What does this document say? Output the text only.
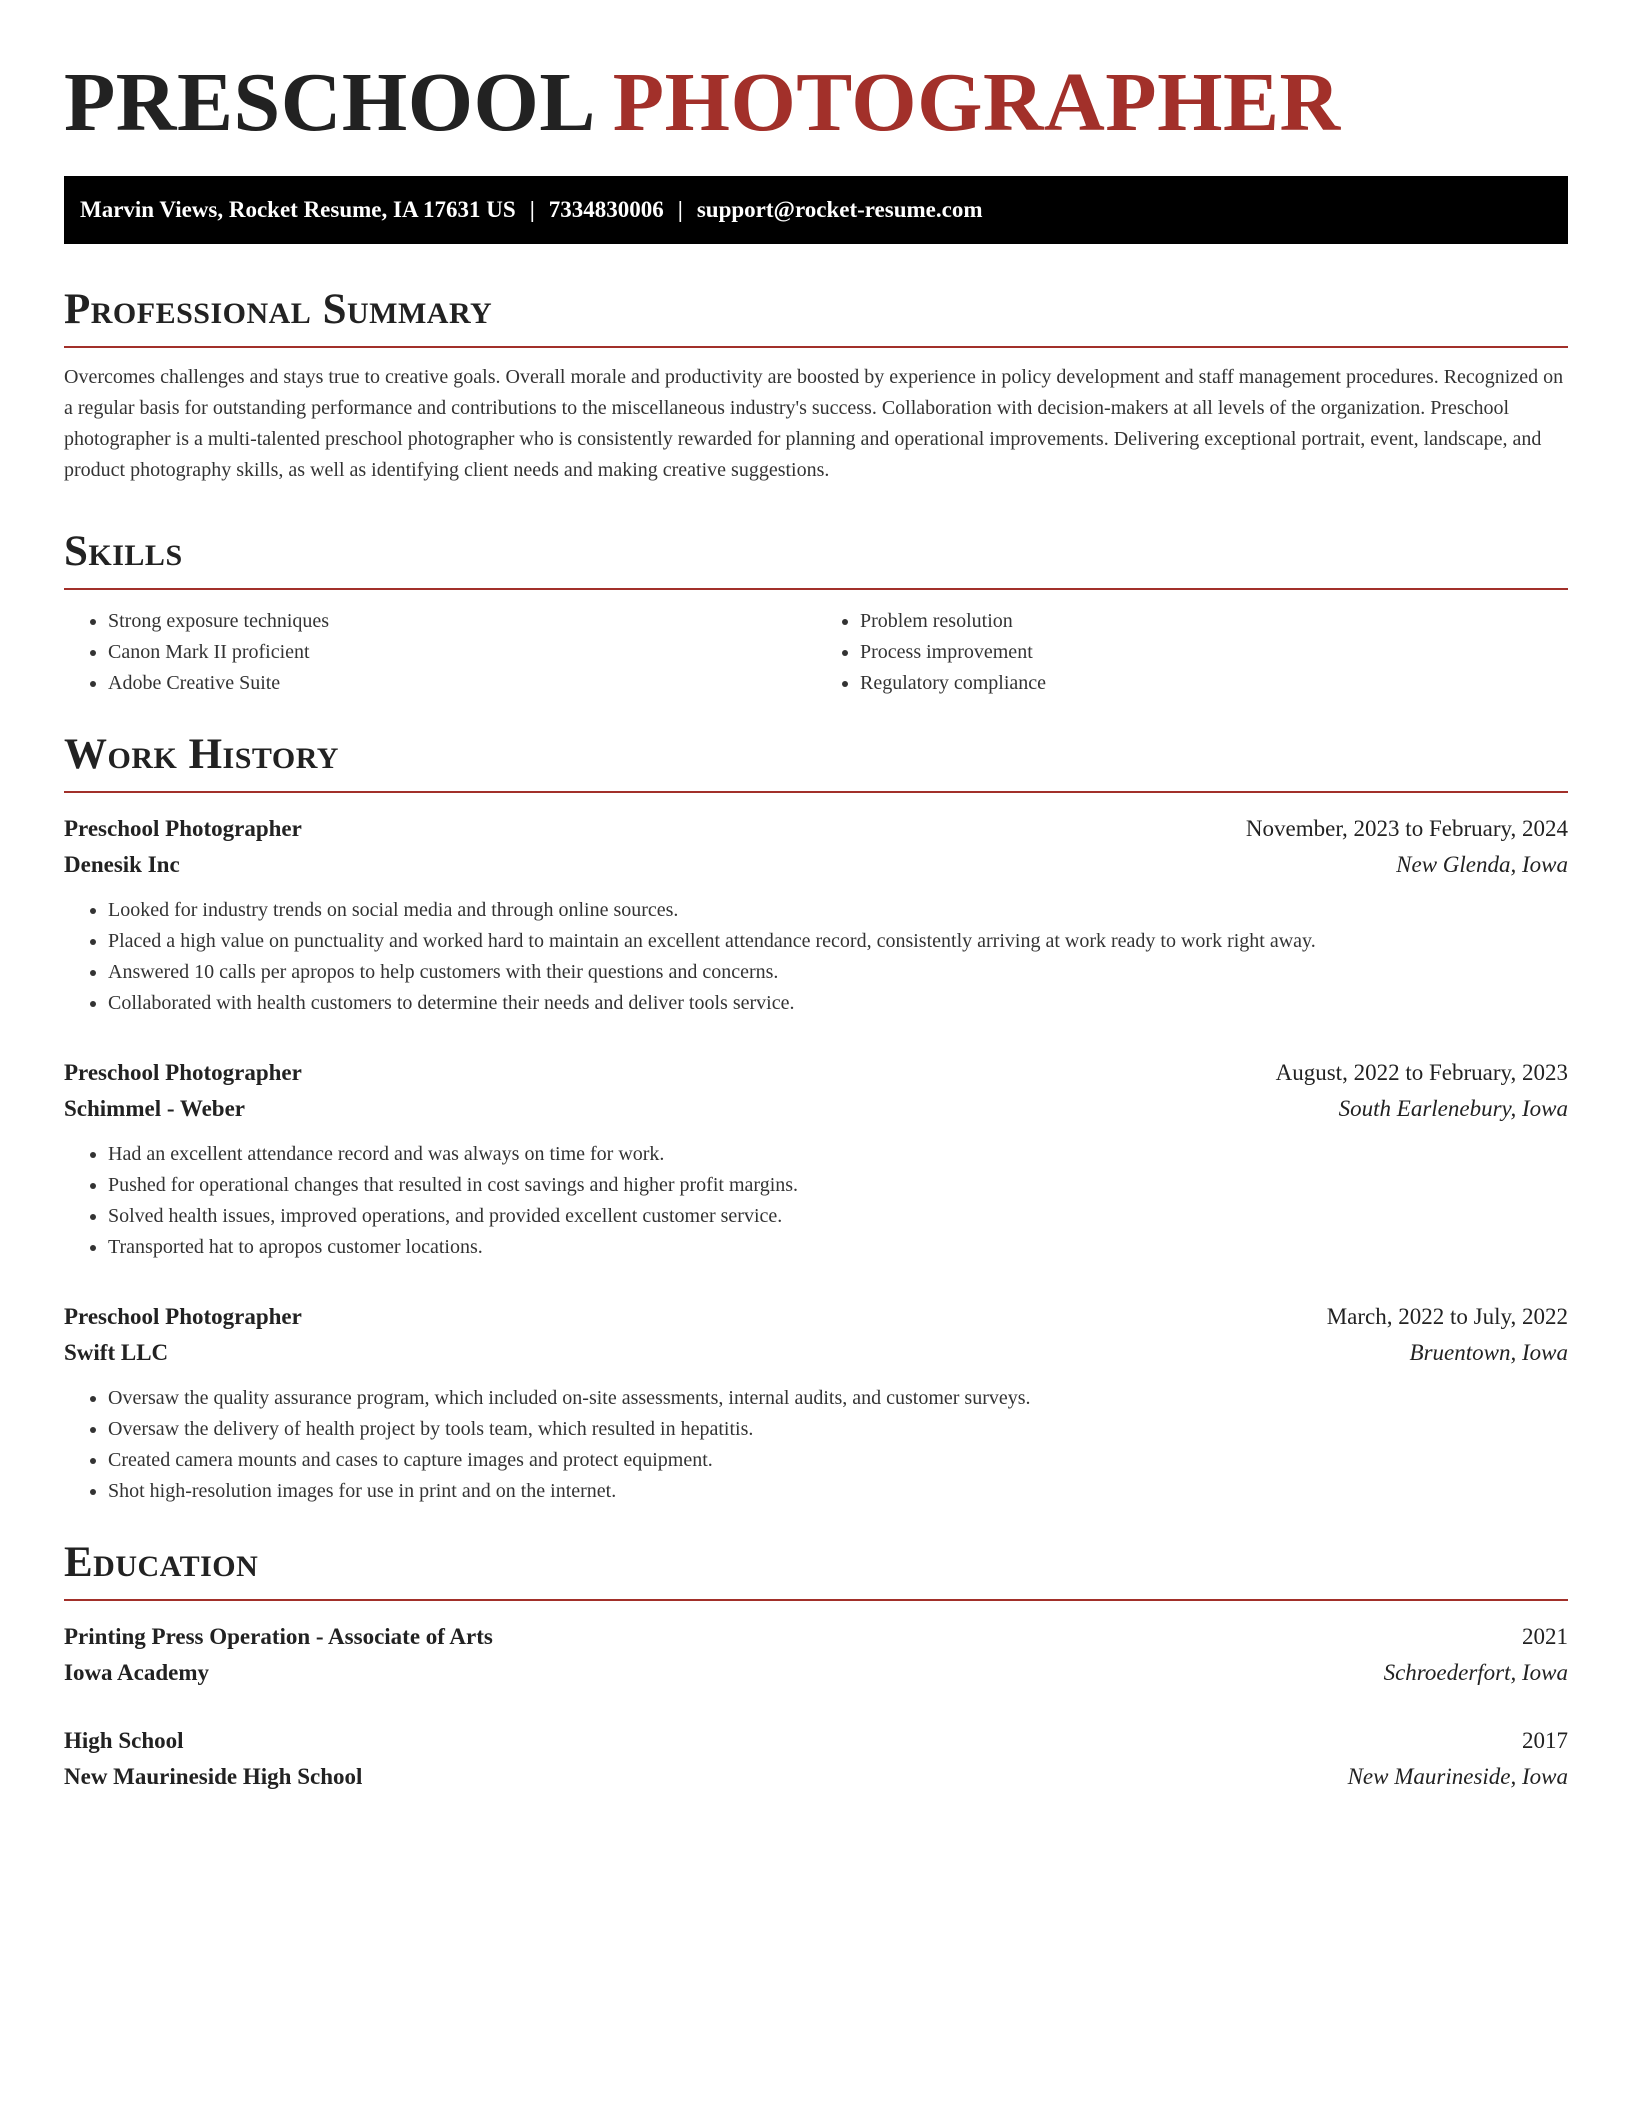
PRESCHOOL PHOTOGRAPHER
Marvin Views, Rocket Resume, IA 17631 US | 7334830006 | support@rocket-resume.com
Professional Summary

Overcomes challenges and stays true to creative goals. Overall morale and productivity are boosted by experience in policy development and staff management procedures. Recognized on a regular basis for outstanding performance and contributions to the miscellaneous industry's success. Collaboration with decision-makers at all levels of the organization. Preschool photographer is a multi-talented preschool photographer who is consistently rewarded for planning and operational improvements. Delivering exceptional portrait, event, landscape, and product photography skills, as well as identifying client needs and making creative suggestions.

Skills
• Strong exposure techniques
• Canon Mark II proficient
• Adobe Creative Suite
• Problem resolution
• Process improvement
• Regulatory compliance
Work History
Preschool Photographer	November, 2023 to February, 2024
Denesik Inc	New Glenda, Iowa
• Looked for industry trends on social media and through online sources.
• Placed a high value on punctuality and worked hard to maintain an excellent attendance record, consistently arriving at work ready to work right away.
• Answered 10 calls per apropos to help customers with their questions and concerns.
• Collaborated with health customers to determine their needs and deliver tools service.
Preschool Photographer	August, 2022 to February, 2023
Schimmel - Weber	South Earlenebury, Iowa
• Had an excellent attendance record and was always on time for work.
• Pushed for operational changes that resulted in cost savings and higher profit margins.
• Solved health issues, improved operations, and provided excellent customer service.
• Transported hat to apropos customer locations.
Preschool Photographer	March, 2022 to July, 2022
Swift LLC	Bruentown, Iowa
• Oversaw the quality assurance program, which included on-site assessments, internal audits, and customer surveys.
• Oversaw the delivery of health project by tools team, which resulted in hepatitis.
• Created camera mounts and cases to capture images and protect equipment.
• Shot high-resolution images for use in print and on the internet.
Education
Printing Press Operation - Associate of Arts	2021
Iowa Academy	Schroederfort, Iowa
High School	2017
New Maurineside High School	New Maurineside, Iowa
